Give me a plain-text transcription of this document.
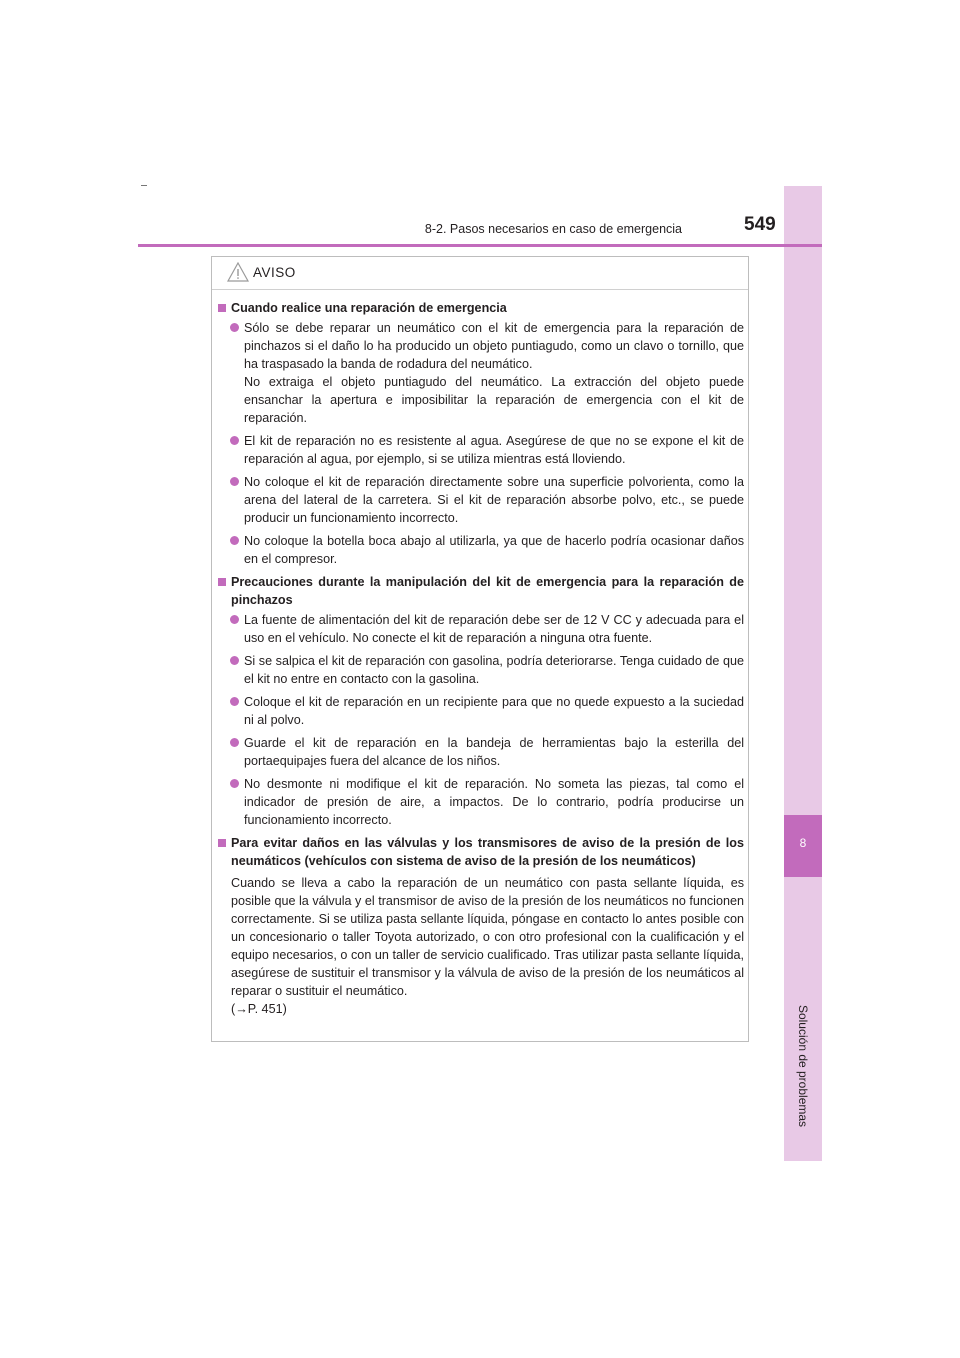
8
Solución de problemas
8-2. Pasos necesarios en caso de emergencia	549
AVISO
Cuando realice una reparación de emergencia

Sólo se debe reparar un neumático con el kit de emergencia para la reparación de pinchazos si el daño lo ha producido un objeto puntiagudo, como un clavo o tornillo, que ha traspasado la banda de rodadura del neumático.

No extraiga el objeto puntiagudo del neumático. La extracción del objeto puede ensanchar la apertura e imposibilitar la reparación de emergencia con el kit de reparación.

El kit de reparación no es resistente al agua. Asegúrese de que no se expone el kit de reparación al agua, por ejemplo, si se utiliza mientras está lloviendo.

No coloque el kit de reparación directamente sobre una superficie polvorienta, como la arena del lateral de la carretera. Si el kit de reparación absorbe polvo, etc., se puede producir un funcionamiento incorrecto.

No coloque la botella boca abajo al utilizarla, ya que de hacerlo podría ocasionar daños en el compresor.

Precauciones durante la manipulación del kit de emergencia para la reparación de pinchazos

La fuente de alimentación del kit de reparación debe ser de 12 V CC y adecuada para el uso en el vehículo. No conecte el kit de reparación a ninguna otra fuente.

Si se salpica el kit de reparación con gasolina, podría deteriorarse. Tenga cuidado de que el kit no entre en contacto con la gasolina.

Coloque el kit de reparación en un recipiente para que no quede expuesto a la suciedad ni al polvo.

Guarde el kit de reparación en la bandeja de herramientas bajo la esterilla del portaequipajes fuera del alcance de los niños.

No desmonte ni modifique el kit de reparación. No someta las piezas, tal como el indicador de presión de aire, a impactos. De lo contrario, podría producirse un funcionamiento incorrecto.

Para evitar daños en las válvulas y los transmisores de aviso de la presión de los neumáticos (vehículos con sistema de aviso de la presión de los neumáticos)

Cuando se lleva a cabo la reparación de un neumático con pasta sellante líquida, es posible que la válvula y el transmisor de aviso de la presión de los neumáticos no funcionen correctamente. Si se utiliza pasta sellante líquida, póngase en contacto lo antes posible con un concesionario o taller Toyota autorizado, o con otro profesional con la cualificación y el equipo necesarios, o con un taller de servicio cualificado. Tras utilizar pasta sellante líquida, asegúrese de sustituir el transmisor y la válvula de aviso de la presión de los neumáticos al reparar o sustituir el neumático.

(→P. 451)
